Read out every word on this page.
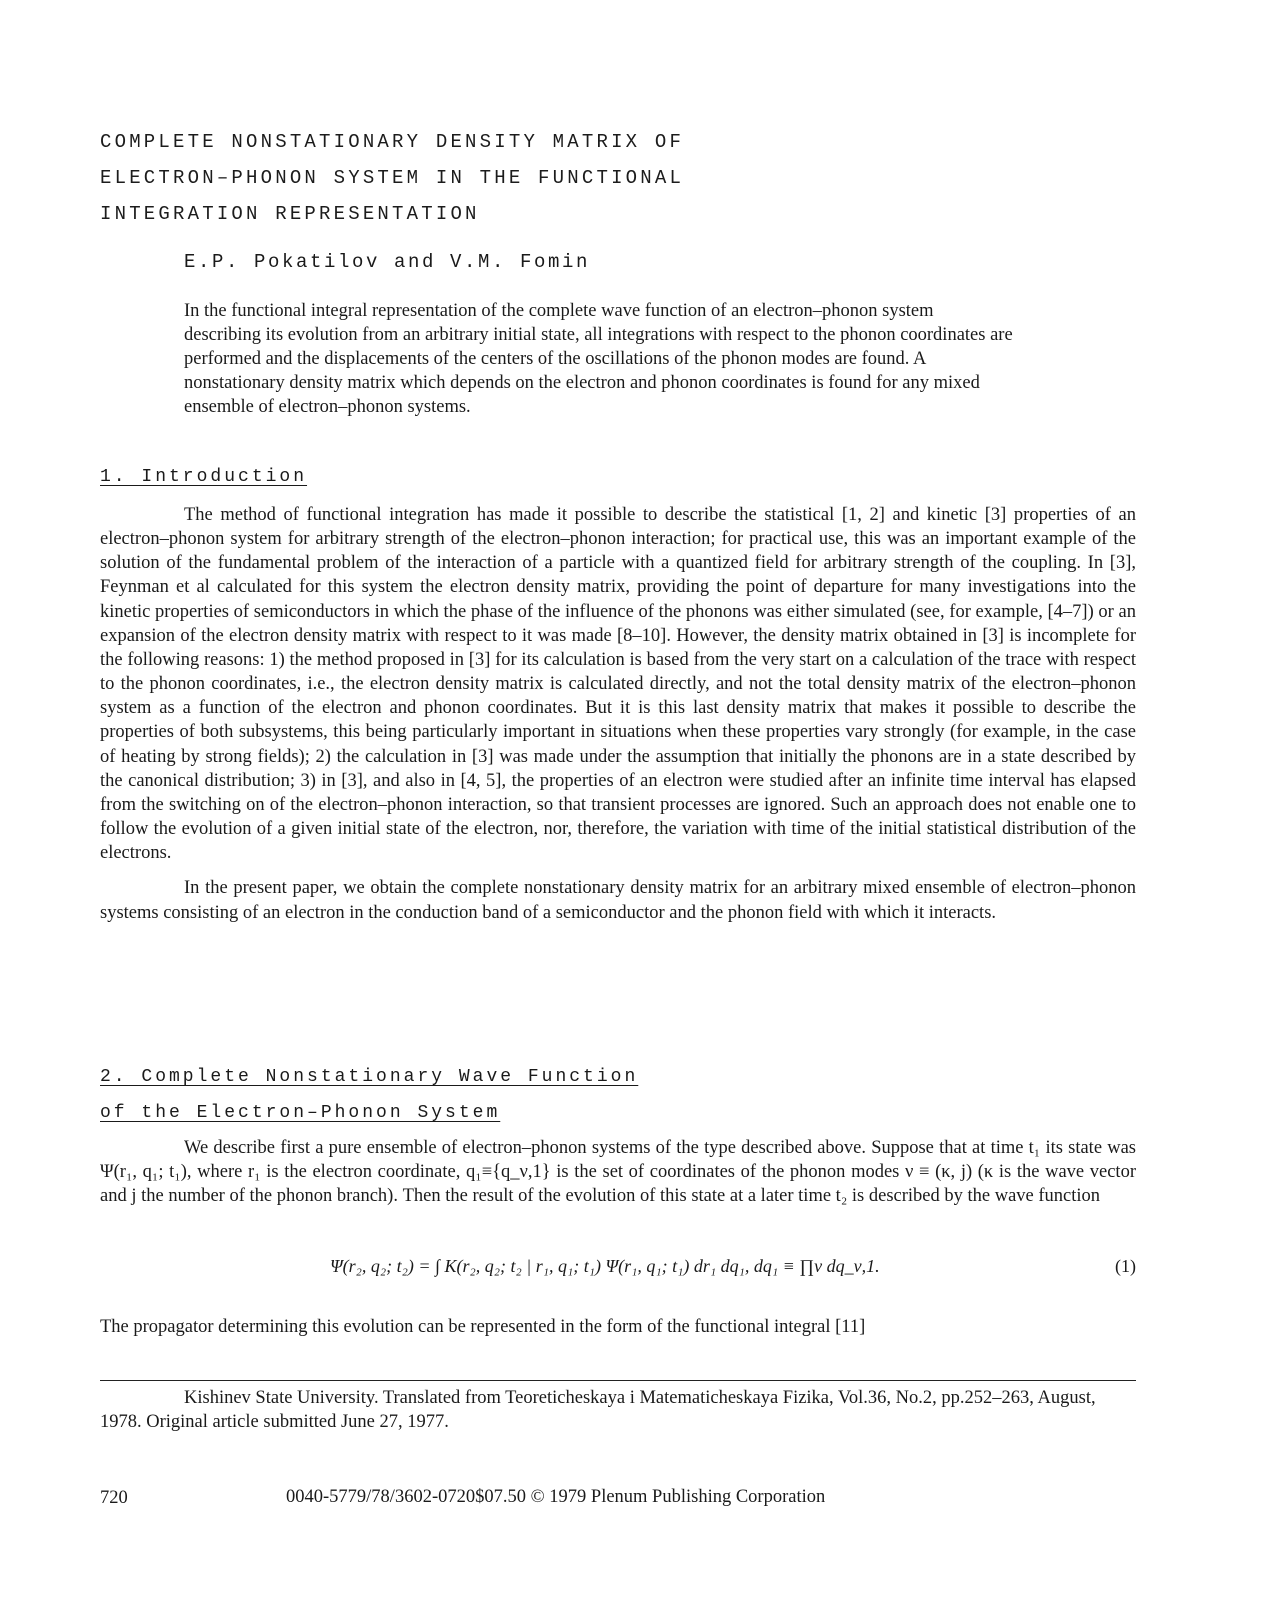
COMPLETE NONSTATIONARY DENSITY MATRIX OF
ELECTRON–PHONON SYSTEM IN THE FUNCTIONAL
INTEGRATION REPRESENTATION
E.P. Pokatilov and V.M. Fomin
In the functional integral representation of the complete wave function of an electron–phonon system describing its evolution from an arbitrary initial state, all integrations with respect to the phonon coordinates are performed and the displacements of the centers of the oscillations of the phonon modes are found. A nonstationary density matrix which depends on the electron and phonon coordinates is found for any mixed ensemble of electron–phonon systems.
1. Introduction

The method of functional integration has made it possible to describe the statistical [1, 2] and kinetic [3] properties of an electron–phonon system for arbitrary strength of the electron–phonon interaction; for practical use, this was an important example of the solution of the fundamental problem of the interaction of a particle with a quantized field for arbitrary strength of the coupling. In [3], Feynman et al calculated for this system the electron density matrix, providing the point of departure for many investigations into the kinetic properties of semiconductors in which the phase of the influence of the phonons was either simulated (see, for example, [4–7]) or an expansion of the electron density matrix with respect to it was made [8–10]. However, the density matrix obtained in [3] is incomplete for the following reasons: 1) the method proposed in [3] for its calculation is based from the very start on a calculation of the trace with respect to the phonon coordinates, i.e., the electron density matrix is calculated directly, and not the total density matrix of the electron–phonon system as a function of the electron and phonon coordinates. But it is this last density matrix that makes it possible to describe the properties of both subsystems, this being particularly important in situations when these properties vary strongly (for example, in the case of heating by strong fields); 2) the calculation in [3] was made under the assumption that initially the phonons are in a state described by the canonical distribution; 3) in [3], and also in [4, 5], the properties of an electron were studied after an infinite time interval has elapsed from the switching on of the electron–phonon interaction, so that transient processes are ignored. Such an approach does not enable one to follow the evolution of a given initial state of the electron, nor, therefore, the variation with time of the initial statistical distribution of the electrons.

In the present paper, we obtain the complete nonstationary density matrix for an arbitrary mixed ensemble of electron–phonon systems consisting of an electron in the conduction band of a semiconductor and the phonon field with which it interacts.

2. Complete Nonstationary Wave Function
of the Electron–Phonon System

We describe first a pure ensemble of electron–phonon systems of the type described above. Suppose that at time t₁ its state was Ψ(r₁, q₁; t₁), where r₁ is the electron coordinate, q₁≡{q_ν,1} is the set of coordinates of the phonon modes ν ≡ (κ, j) (κ is the wave vector and j the number of the phonon branch). Then the result of the evolution of this state at a later time t₂ is described by the wave function

Ψ(r₂, q₂; t₂) = ∫ K(r₂, q₂; t₂ | r₁, q₁; t₁) Ψ(r₁, q₁; t₁) dr₁ dq₁, dq₁ ≡ ∏ν dq_ν,1.	(1)
The propagator determining this evolution can be represented in the form of the functional integral [11]
Kishinev State University. Translated from Teoreticheskaya i Matematicheskaya Fizika, Vol.36, No.2, pp.252–263, August, 1978. Original article submitted June 27, 1977.
720	0040-5779/78/3602-0720$07.50 © 1979 Plenum Publishing Corporation
